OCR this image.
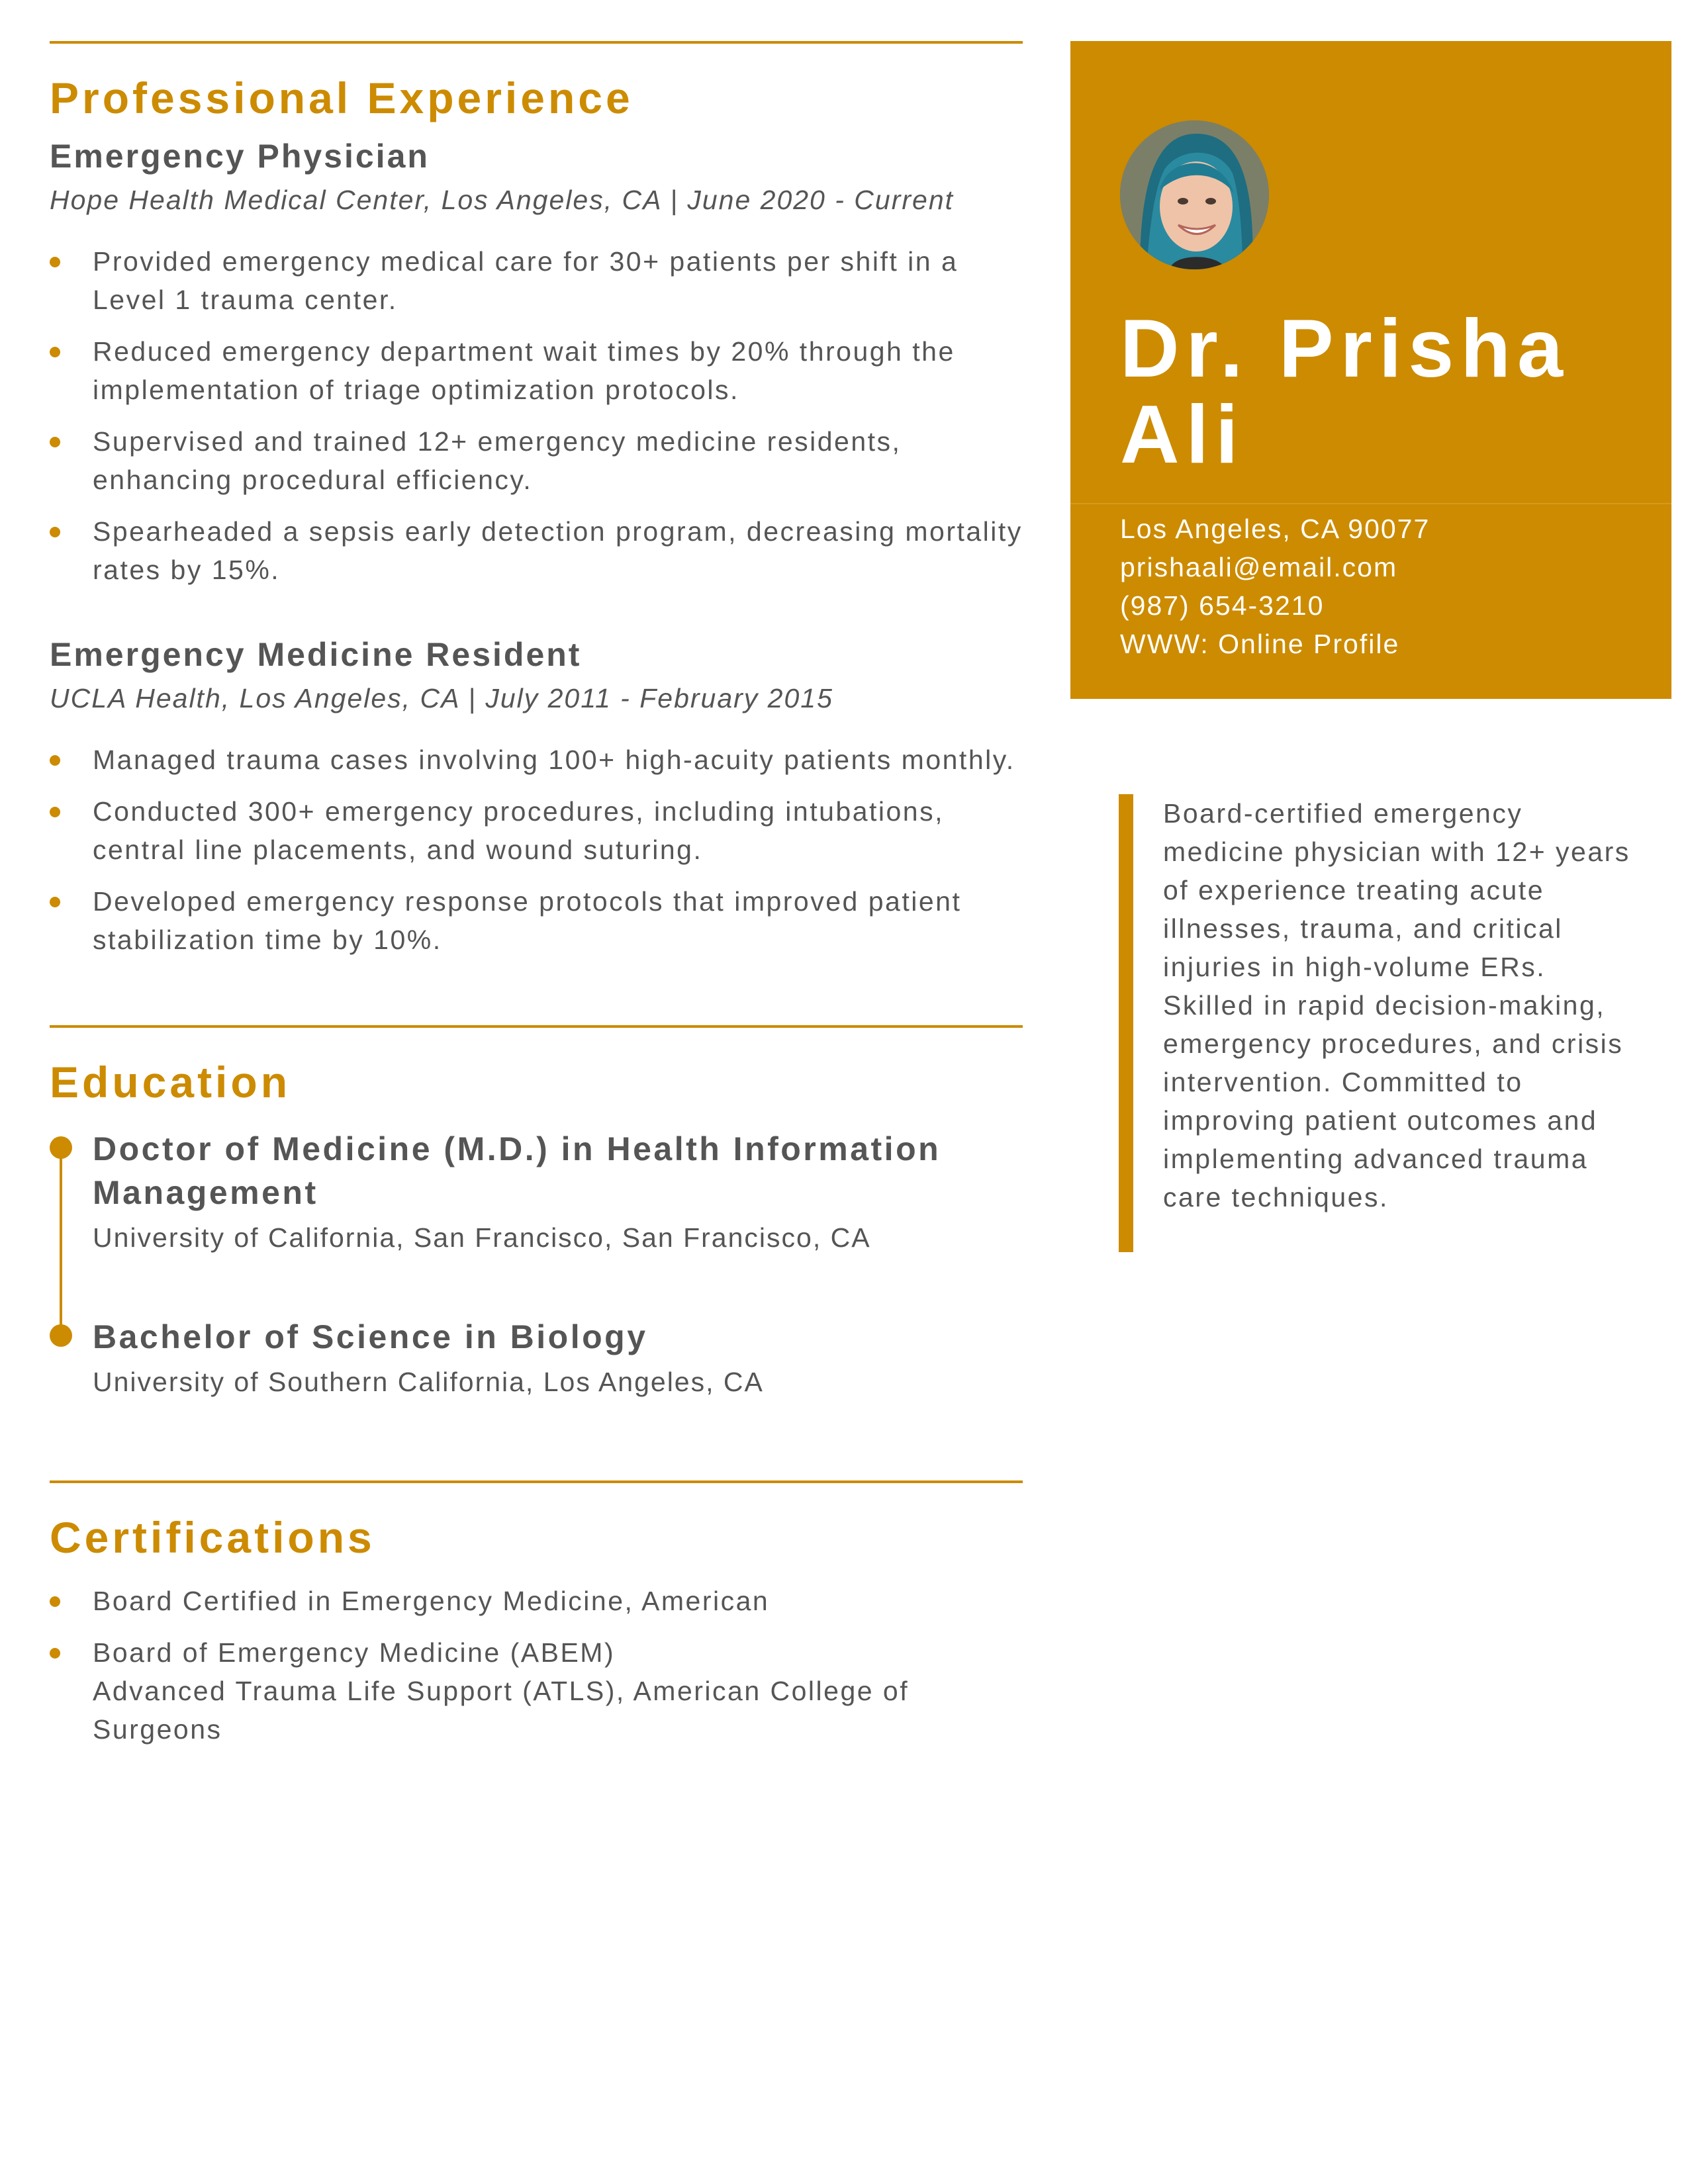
Professional Experience
Emergency Physician
Hope Health Medical Center, Los Angeles, CA | June 2020 - Current
Provided emergency medical care for 30+ patients per shift in a Level 1 trauma center.
Reduced emergency department wait times by 20% through the implementation of triage optimization protocols.
Supervised and trained 12+ emergency medicine residents, enhancing procedural efficiency.
Spearheaded a sepsis early detection program, decreasing mortality rates by 15%.
Emergency Medicine Resident
UCLA Health, Los Angeles, CA | July 2011 - February 2015
Managed trauma cases involving 100+ high-acuity patients monthly.
Conducted 300+ emergency procedures, including intubations, central line placements, and wound suturing.
Developed emergency response protocols that improved patient stabilization time by 10%.
Education
Doctor of Medicine (M.D.) in Health Information Management
University of California, San Francisco, San Francisco, CA
Bachelor of Science in Biology
University of Southern California, Los Angeles, CA
Certifications
Board Certified in Emergency Medicine, American
Board of Emergency Medicine (ABEM)
Advanced Trauma Life Support (ATLS), American College of Surgeons
Dr. Prisha
Ali
Los Angeles, CA 90077
prishaali@email.com
(987) 654-3210
WWW: Online Profile
Board-certified emergency medicine physician with 12+ years of experience treating acute illnesses, trauma, and critical injuries in high-volume ERs. Skilled in rapid decision-making, emergency procedures, and crisis intervention. Committed to improving patient outcomes and implementing advanced trauma care techniques.
